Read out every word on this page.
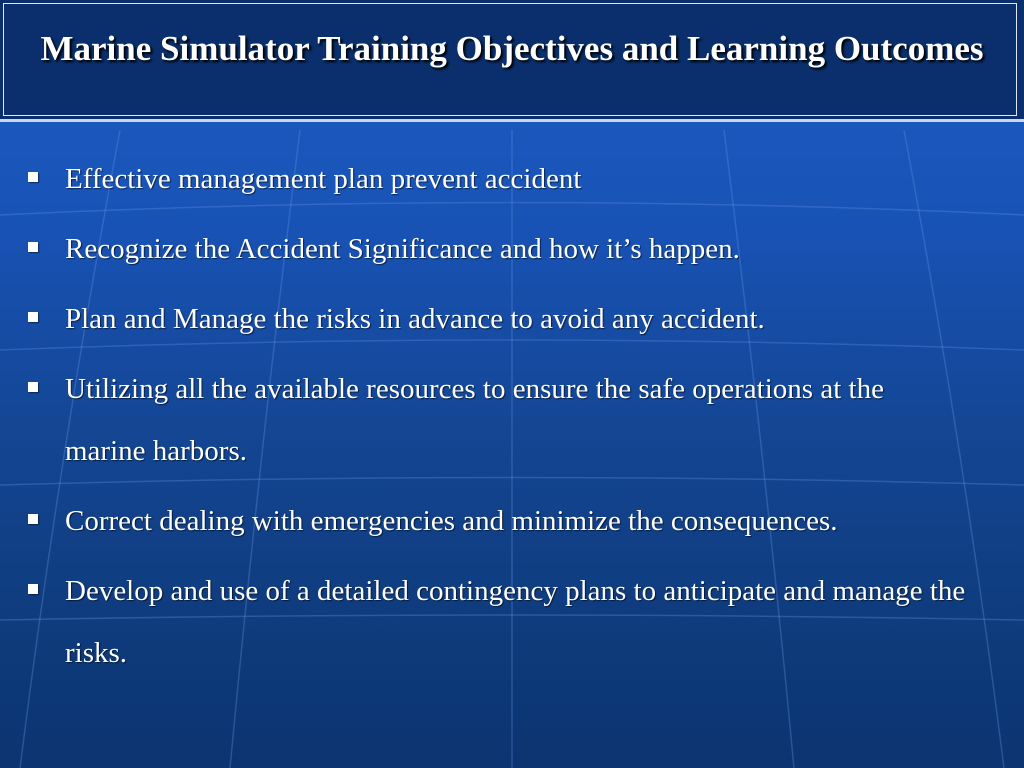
Marine Simulator Training Objectives and Learning Outcomes
Effective management plan prevent accident
Recognize the Accident Significance and how it’s happen.
Plan and Manage the risks in advance to avoid any accident.
Utilizing all the available resources to ensure the safe operations at the marine harbors.
Correct dealing with emergencies and minimize the consequences.
Develop and use of a detailed contingency plans to anticipate and manage the risks.
